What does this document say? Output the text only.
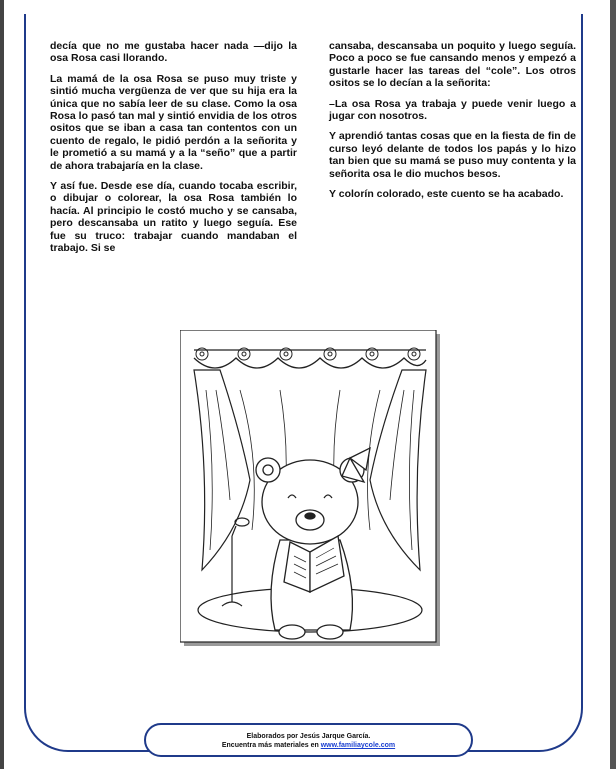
decía que no me gustaba hacer nada —dijo la osa Rosa casi llorando.

La mamá de la osa Rosa se puso muy triste y sintió mucha vergüenza de ver que su hija era la única que no sabía leer de su clase. Como la osa Rosa lo pasó tan mal y sintió envidia de los otros ositos que se iban a casa tan contentos con un cuento de regalo, le pidió perdón a la señorita y le prometió a su mamá y a la “seño” que a partir de ahora trabajaría en la clase.

Y así fue. Desde ese día, cuando tocaba escribir, o dibujar o colorear, la osa Rosa también lo hacía. Al principio le costó mucho y se cansaba, pero descansaba un ratito y luego seguía. Ese fue su truco: trabajar cuando mandaban el trabajo. Si se

cansaba, descansaba un poquito y luego seguía. Poco a poco se fue cansando menos y empezó a gustarle hacer las tareas del “cole”. Los otros ositos se lo decían a la señorita:

–La osa Rosa ya trabaja y puede venir luego a jugar con nosotros.

Y aprendió tantas cosas que en la fiesta de fin de curso leyó delante de todos los papás y lo hizo tan bien que su mamá se puso muy contenta y la señorita osa le dio muchos besos.

Y colorín colorado, este cuento se ha acabado.

Elaborados por Jesús Jarque García.
Encuentra más materiales en www.familiaycole.com
